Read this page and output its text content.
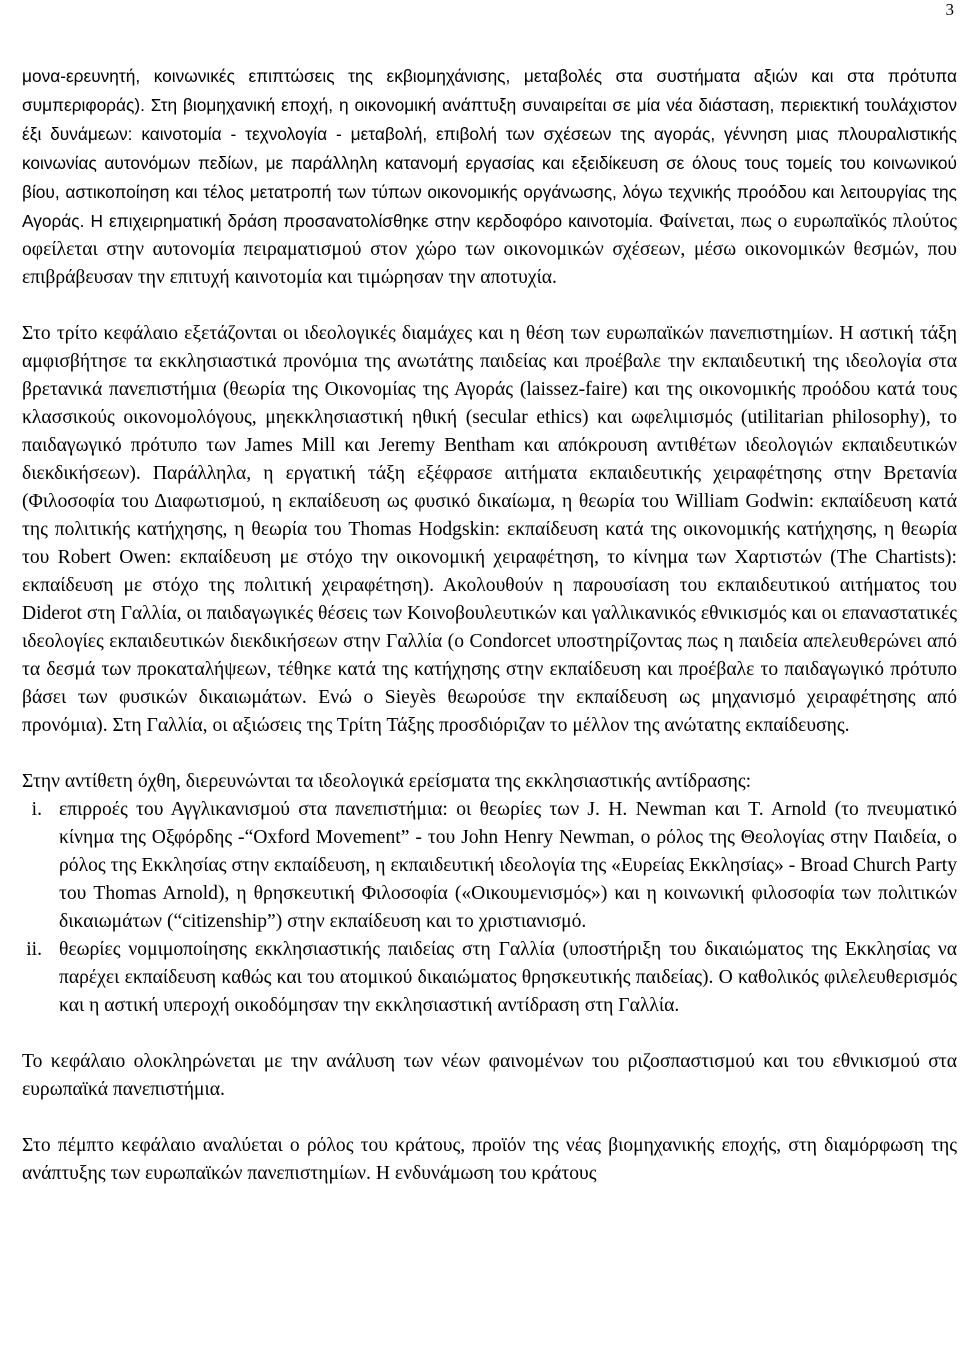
3

μονα-ερευνητή, κοινωνικές επιπτώσεις της εκβιομηχάνισης, μεταβολές στα συστήματα αξιών και στα πρότυπα συμπεριφοράς). Στη βιομηχανική εποχή, η οικονομική ανάπτυξη συναιρείται σε μία νέα διάσταση, περιεκτική τουλάχιστον έξι δυνάμεων: καινοτομία - τεχνολογία - μεταβολή, επιβολή των σχέσεων της αγοράς, γέννηση μιας πλουραλιστικής κοινωνίας αυτονόμων πεδίων, με παράλληλη κατανομή εργασίας και εξειδίκευση σε όλους τους τομείς του κοινωνικού βίου, αστικοποίηση και τέλος μετατροπή των τύπων οικονομικής οργάνωσης, λόγω τεχνικής προόδου και λειτουργίας της Αγοράς. Η επιχειρηματική δράση προσανατολίσθηκε στην κερδοφόρο καινοτομία. Φαίνεται, πως ο ευρωπαϊκός πλούτος οφείλεται στην αυτονομία πειραματισμού στον χώρο των οικονομικών σχέσεων, μέσω οικονομικών θεσμών, που επιβράβευσαν την επιτυχή καινοτομία και τιμώρησαν την αποτυχία.

Στο τρίτο κεφάλαιο εξετάζονται οι ιδεολογικές διαμάχες και η θέση των ευρωπαϊκών πανεπιστημίων. Η αστική τάξη αμφισβήτησε τα εκκλησιαστικά προνόμια της ανωτάτης παιδείας και προέβαλε την εκπαιδευτική της ιδεολογία στα βρετανικά πανεπιστήμια (θεωρία της Οικονομίας της Αγοράς (laissez-faire) και της οικονομικής προόδου κατά τους κλασσικούς οικονομολόγους, μηεκκλησιαστική ηθική (secular ethics) και ωφελιμισμός (utilitarian philosophy), το παιδαγωγικό πρότυπο των James Mill και Jeremy Bentham και απόκρουση αντιθέτων ιδεολογιών εκπαιδευτικών διεκδικήσεων). Παράλληλα, η εργατική τάξη εξέφρασε αιτήματα εκπαιδευτικής χειραφέτησης στην Βρετανία (Φιλοσοφία του Διαφωτισμού, η εκπαίδευση ως φυσικό δικαίωμα, η θεωρία του William Godwin: εκπαίδευση κατά της πολιτικής κατήχησης, η θεωρία του Thomas Hodgskin: εκπαίδευση κατά της οικονομικής κατήχησης, η θεωρία του Robert Owen: εκπαίδευση με στόχο την οικονομική χειραφέτηση, το κίνημα των Χαρτιστών (The Chartists): εκπαίδευση με στόχο της πολιτική χειραφέτηση). Ακολουθούν η παρουσίαση του εκπαιδευτικού αιτήματος του Diderot στη Γαλλία, οι παιδαγωγικές θέσεις των Κοινοβουλευτικών και γαλλικανικός εθνικισμός και οι επαναστατικές ιδεολογίες εκπαιδευτικών διεκδικήσεων στην Γαλλία (ο Condorcet υποστηρίζοντας πως η παιδεία απελευθερώνει από τα δεσμά των προκαταλήψεων, τέθηκε κατά της κατήχησης στην εκπαίδευση και προέβαλε το παιδαγωγικό πρότυπο βάσει των φυσικών δικαιωμάτων. Ενώ ο Sieyès θεωρούσε την εκπαίδευση ως μηχανισμό χειραφέτησης από προνόμια). Στη Γαλλία, οι αξιώσεις της Τρίτη Τάξης προσδιόριζαν το μέλλον της ανώτατης εκπαίδευσης.

Στην αντίθετη όχθη, διερευνώνται τα ιδεολογικά ερείσματα της εκκλησιαστικής αντίδρασης:

i. επιρροές του Αγγλικανισμού στα πανεπιστήμια: οι θεωρίες των J. H. Newman και T. Arnold (το πνευματικό κίνημα της Οξφόρδης -“Oxford Movement” - του John Henry Newman, ο ρόλος της Θεολογίας στην Παιδεία, ο ρόλος της Εκκλησίας στην εκπαίδευση, η εκπαιδευτική ιδεολογία της «Ευρείας Εκκλησίας» - Broad Church Party του Thomas Arnold), η θρησκευτική Φιλοσοφία («Οικουμενισμός») και η κοινωνική φιλοσοφία των πολιτικών δικαιωμάτων (“citizenship”) στην εκπαίδευση και το χριστιανισμό.
ii. θεωρίες νομιμοποίησης εκκλησιαστικής παιδείας στη Γαλλία (υποστήριξη του δικαιώματος της Εκκλησίας να παρέχει εκπαίδευση καθώς και του ατομικού δικαιώματος θρησκευτικής παιδείας). Ο καθολικός φιλελευθερισμός και η αστική υπεροχή οικοδόμησαν την εκκλησιαστική αντίδραση στη Γαλλία.

Το κεφάλαιο ολοκληρώνεται με την ανάλυση των νέων φαινομένων του ριζοσπαστισμού και του εθνικισμού στα ευρωπαϊκά πανεπιστήμια.

Στο πέμπτο κεφάλαιο αναλύεται ο ρόλος του κράτους, προϊόν της νέας βιομηχανικής εποχής, στη διαμόρφωση της ανάπτυξης των ευρωπαϊκών πανεπιστημίων. Η ενδυνάμωση του κράτους
